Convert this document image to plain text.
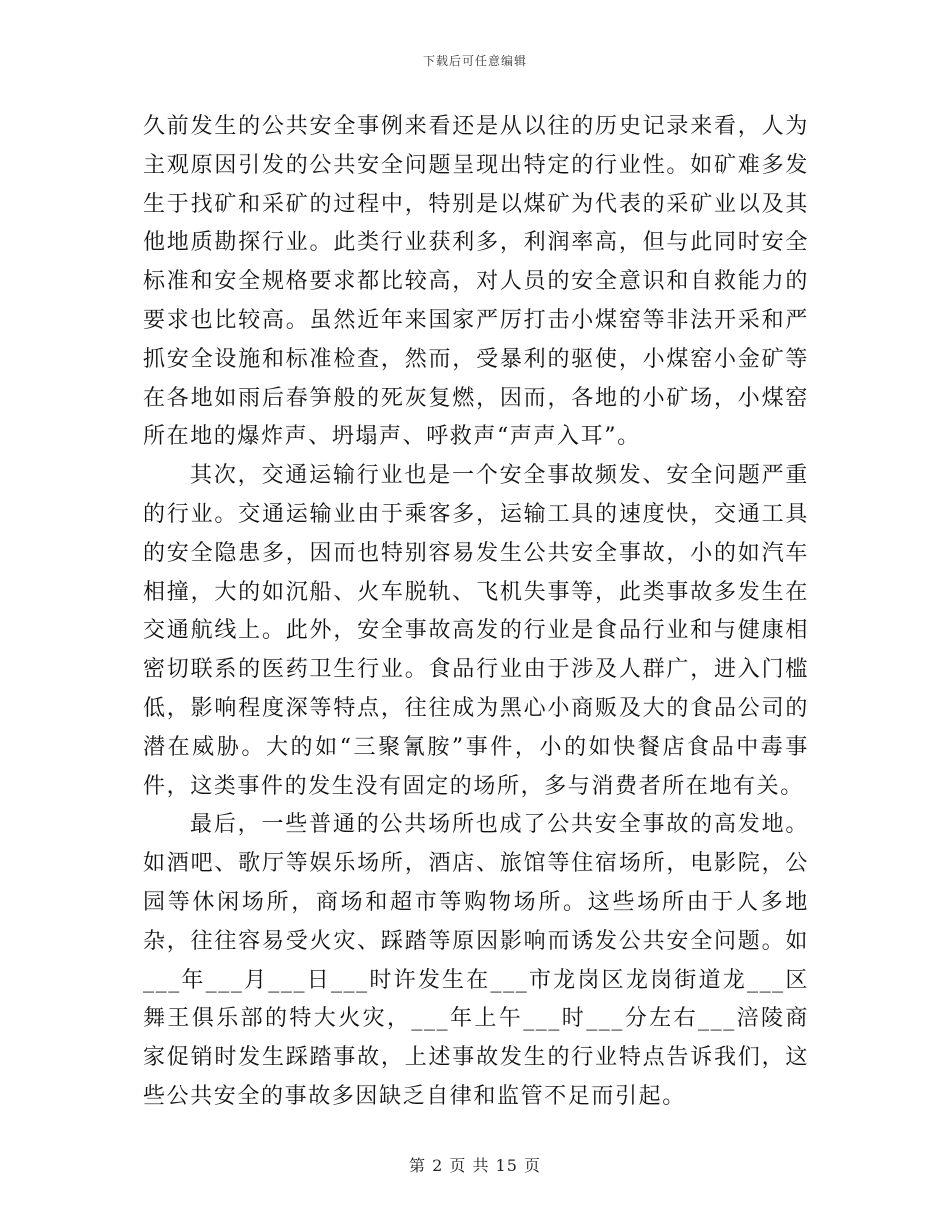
下载后可任意编辑

久前发生的公共安全事例来看还是从以往的历史记录来看，人为主观原因引发的公共安全问题呈现出特定的行业性。如矿难多发生于找矿和采矿的过程中，特别是以煤矿为代表的采矿业以及其他地质勘探行业。此类行业获利多，利润率高，但与此同时安全标准和安全规格要求都比较高，对人员的安全意识和自救能力的要求也比较高。虽然近年来国家严厉打击小煤窑等非法开采和严抓安全设施和标准检查，然而，受暴利的驱使，小煤窑小金矿等在各地如雨后春笋般的死灰复燃，因而，各地的小矿场，小煤窑所在地的爆炸声、坍塌声、呼救声“声声入耳”。

其次，交通运输行业也是一个安全事故频发、安全问题严重的行业。交通运输业由于乘客多，运输工具的速度快，交通工具的安全隐患多，因而也特别容易发生公共安全事故，小的如汽车相撞，大的如沉船、火车脱轨、飞机失事等，此类事故多发生在交通航线上。此外，安全事故高发的行业是食品行业和与健康相密切联系的医药卫生行业。食品行业由于涉及人群广，进入门槛低，影响程度深等特点，往往成为黑心小商贩及大的食品公司的潜在威胁。大的如“三聚氰胺”事件，小的如快餐店食品中毒事件，这类事件的发生没有固定的场所，多与消费者所在地有关。

最后，一些普通的公共场所也成了公共安全事故的高发地。如酒吧、歌厅等娱乐场所，酒店、旅馆等住宿场所，电影院，公园等休闲场所，商场和超市等购物场所。这些场所由于人多地杂，往往容易受火灾、踩踏等原因影响而诱发公共安全问题。如___年___月___日___时许发生在___市龙岗区龙岗街道龙___区舞王俱乐部的特大火灾，___年上午___时___分左右___涪陵商家促销时发生踩踏事故，上述事故发生的行业特点告诉我们，这些公共安全的事故多因缺乏自律和监管不足而引起。

第 2 页 共 15 页
